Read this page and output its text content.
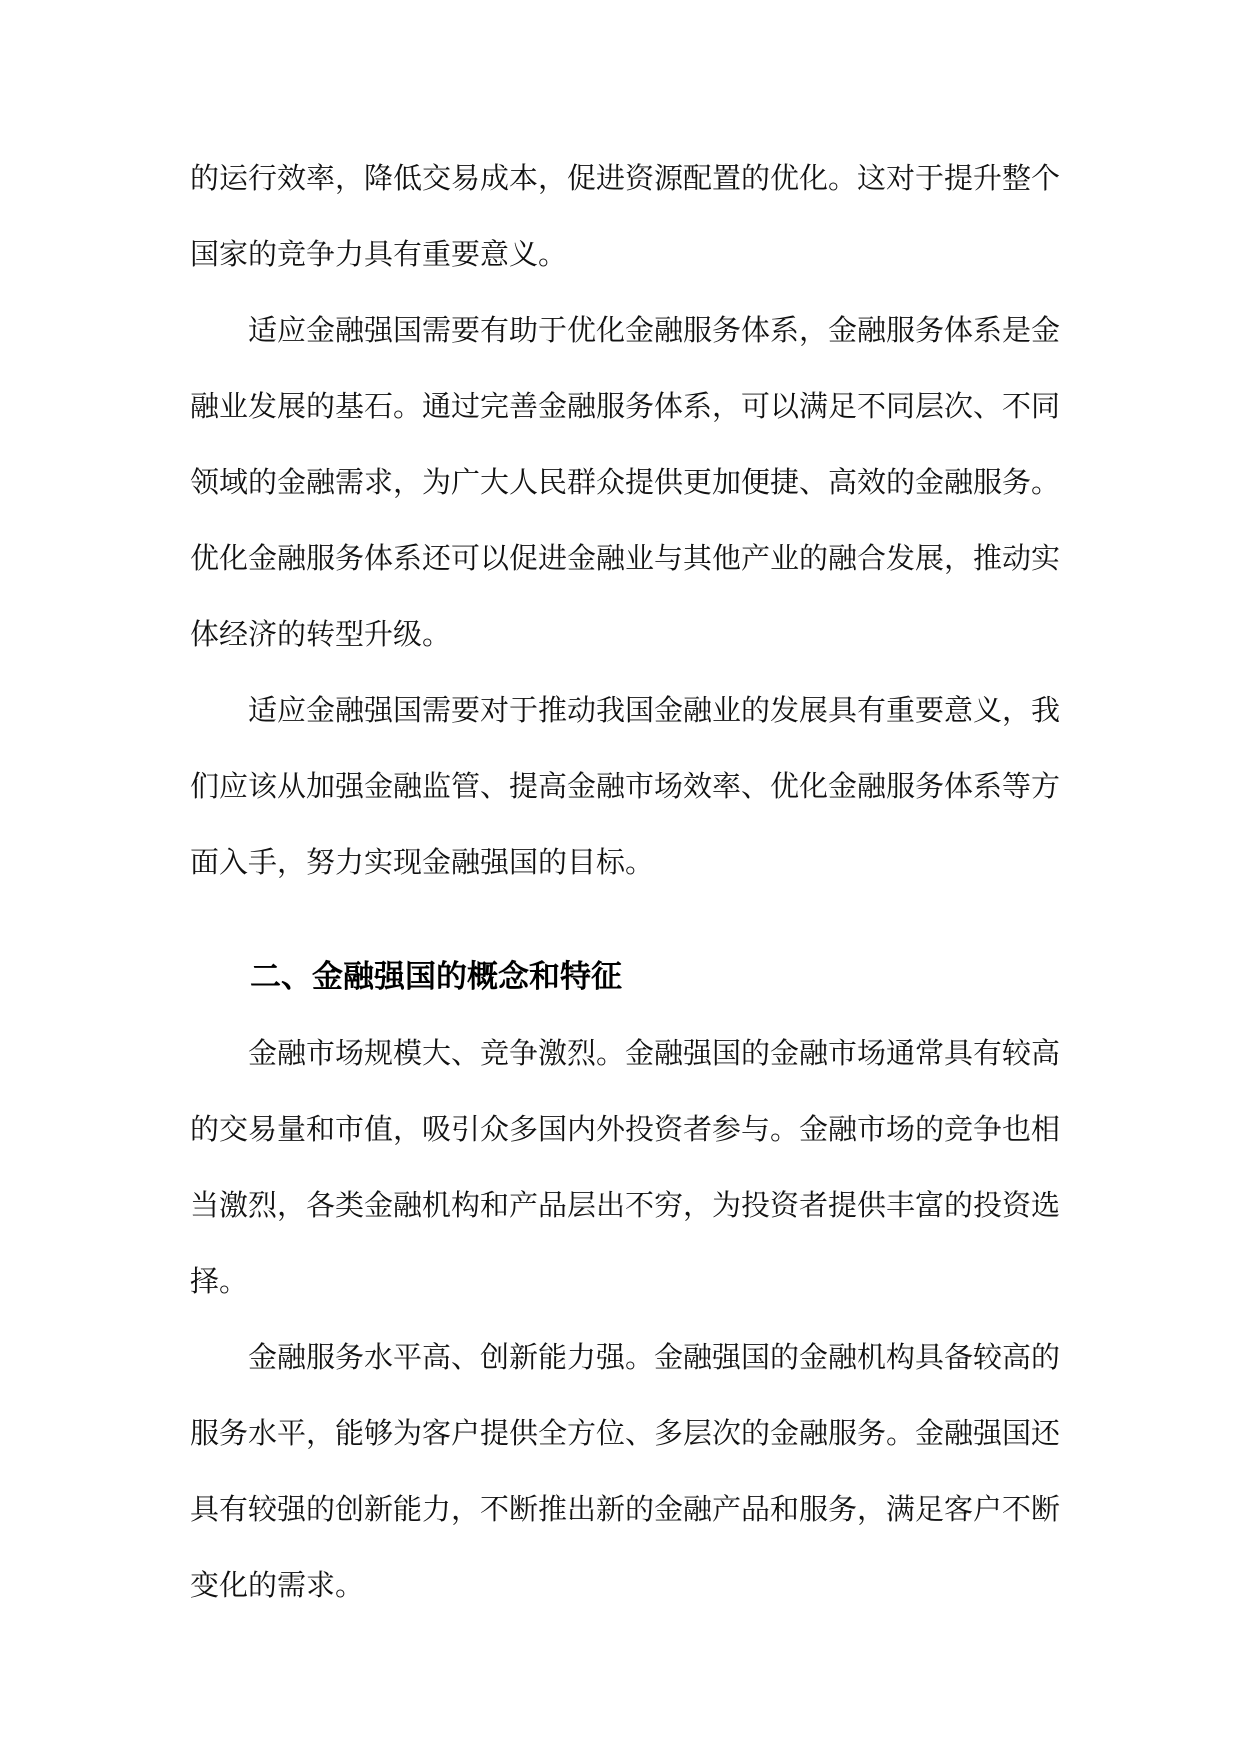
的运行效率，降低交易成本，促进资源配置的优化。这对于提升整个国家的竞争力具有重要意义。

适应金融强国需要有助于优化金融服务体系，金融服务体系是金融业发展的基石。通过完善金融服务体系，可以满足不同层次、不同领域的金融需求，为广大人民群众提供更加便捷、高效的金融服务。优化金融服务体系还可以促进金融业与其他产业的融合发展，推动实体经济的转型升级。

适应金融强国需要对于推动我国金融业的发展具有重要意义，我们应该从加强金融监管、提高金融市场效率、优化金融服务体系等方面入手，努力实现金融强国的目标。

二、金融强国的概念和特征

金融市场规模大、竞争激烈。金融强国的金融市场通常具有较高的交易量和市值，吸引众多国内外投资者参与。金融市场的竞争也相当激烈，各类金融机构和产品层出不穷，为投资者提供丰富的投资选择。

金融服务水平高、创新能力强。金融强国的金融机构具备较高的服务水平，能够为客户提供全方位、多层次的金融服务。金融强国还具有较强的创新能力，不断推出新的金融产品和服务，满足客户不断变化的需求。
